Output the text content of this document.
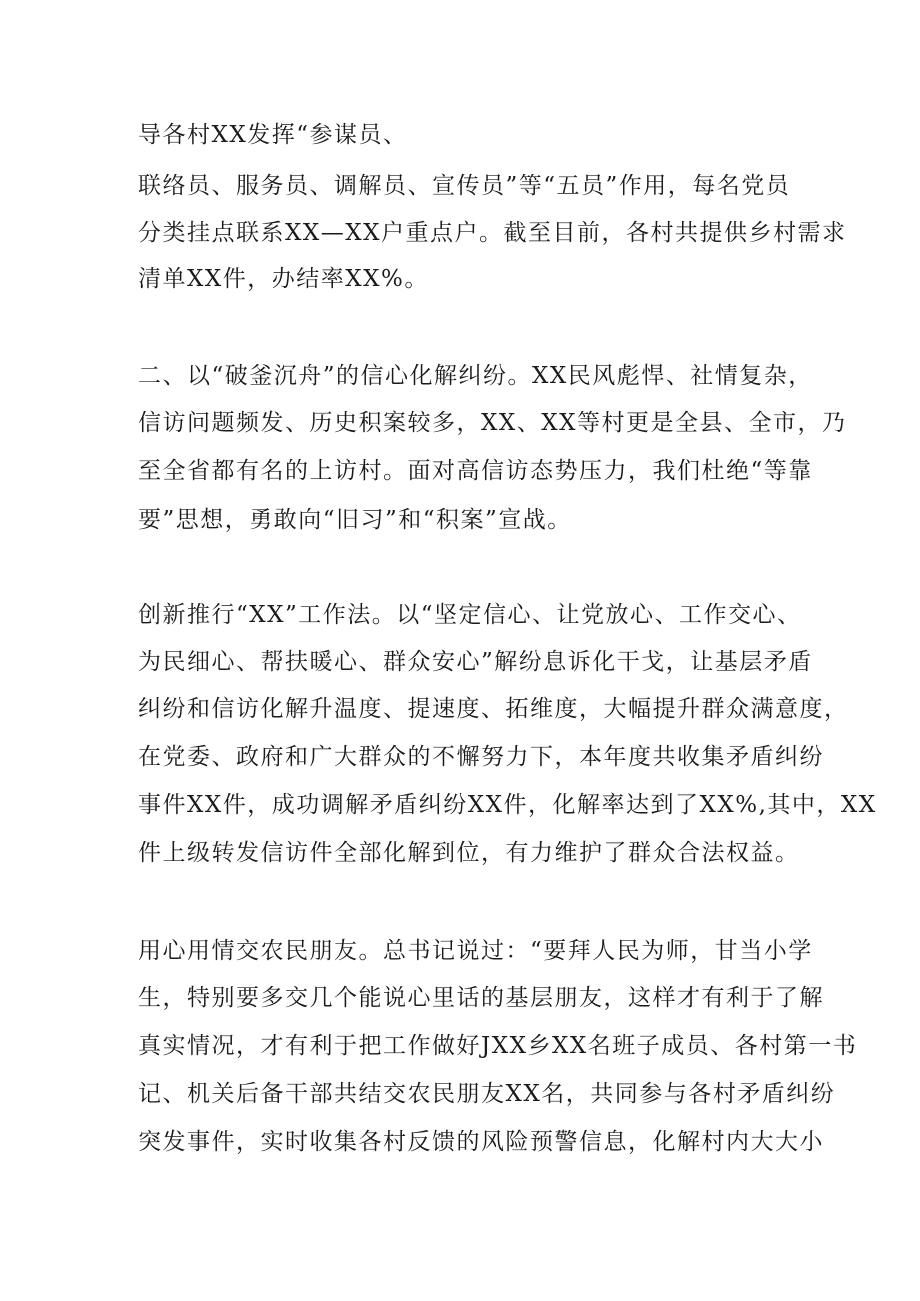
导各村XX发挥“参谋员、
联络员、服务员、调解员、宣传员”等“五员”作用，每名党员
分类挂点联系XX—XX户重点户。截至目前，各村共提供乡村需求
清单XX件，办结率XX%。
二、以“破釜沉舟”的信心化解纠纷。XX民风彪悍、社情复杂，
信访问题频发、历史积案较多，XX、XX等村更是全县、全市，乃
至全省都有名的上访村。面对高信访态势压力，我们杜绝“等靠
要”思想，勇敢向“旧习”和“积案”宣战。
创新推行“XX”工作法。以“坚定信心、让党放心、工作交心、
为民细心、帮扶暖心、群众安心”解纷息诉化干戈，让基层矛盾
纠纷和信访化解升温度、提速度、拓维度，大幅提升群众满意度，
在党委、政府和广大群众的不懈努力下，本年度共收集矛盾纠纷
事件XX件，成功调解矛盾纠纷XX件，化解率达到了XX%,其中，XX
件上级转发信访件全部化解到位，有力维护了群众合法权益。
用心用情交农民朋友。总书记说过：“要拜人民为师，甘当小学
生，特别要多交几个能说心里话的基层朋友，这样才有利于了解
真实情况，才有利于把工作做好JXX乡XX名班子成员、各村第一书
记、机关后备干部共结交农民朋友XX名，共同参与各村矛盾纠纷
突发事件，实时收集各村反馈的风险预警信息，化解村内大大小
